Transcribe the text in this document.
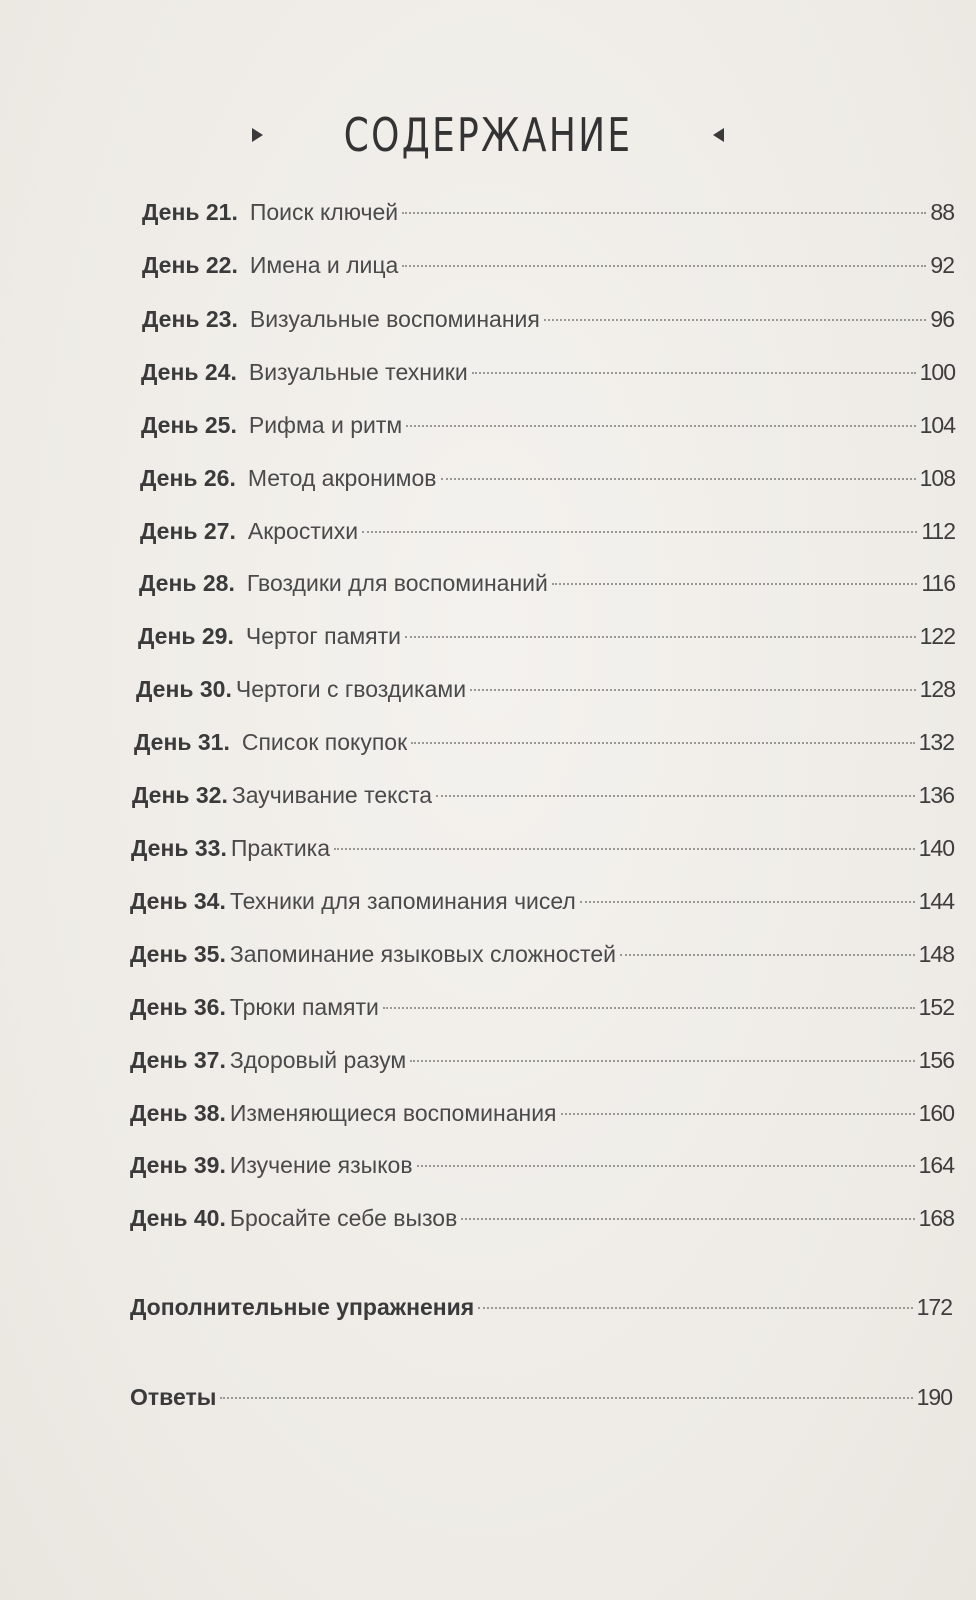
СОДЕРЖАНИЕ
День 21. Поиск ключей	88
День 22. Имена и лица	92
День 23. Визуальные воспоминания	96
День 24. Визуальные техники	100
День 25. Рифма и ритм	104
День 26. Метод акронимов	108
День 27. Акростихи	112
День 28. Гвоздики для воспоминаний	116
День 29. Чертог памяти	122
День 30. Чертоги с гвоздиками	128
День 31. Список покупок	132
День 32. Заучивание текста	136
День 33. Практика	140
День 34. Техники для запоминания чисел	144
День 35. Запоминание языковых сложностей	148
День 36. Трюки памяти	152
День 37. Здоровый разум	156
День 38. Изменяющиеся воспоминания	160
День 39. Изучение языков	164
День 40. Бросайте себе вызов	168
Дополнительные упражнения	172
Ответы	190
